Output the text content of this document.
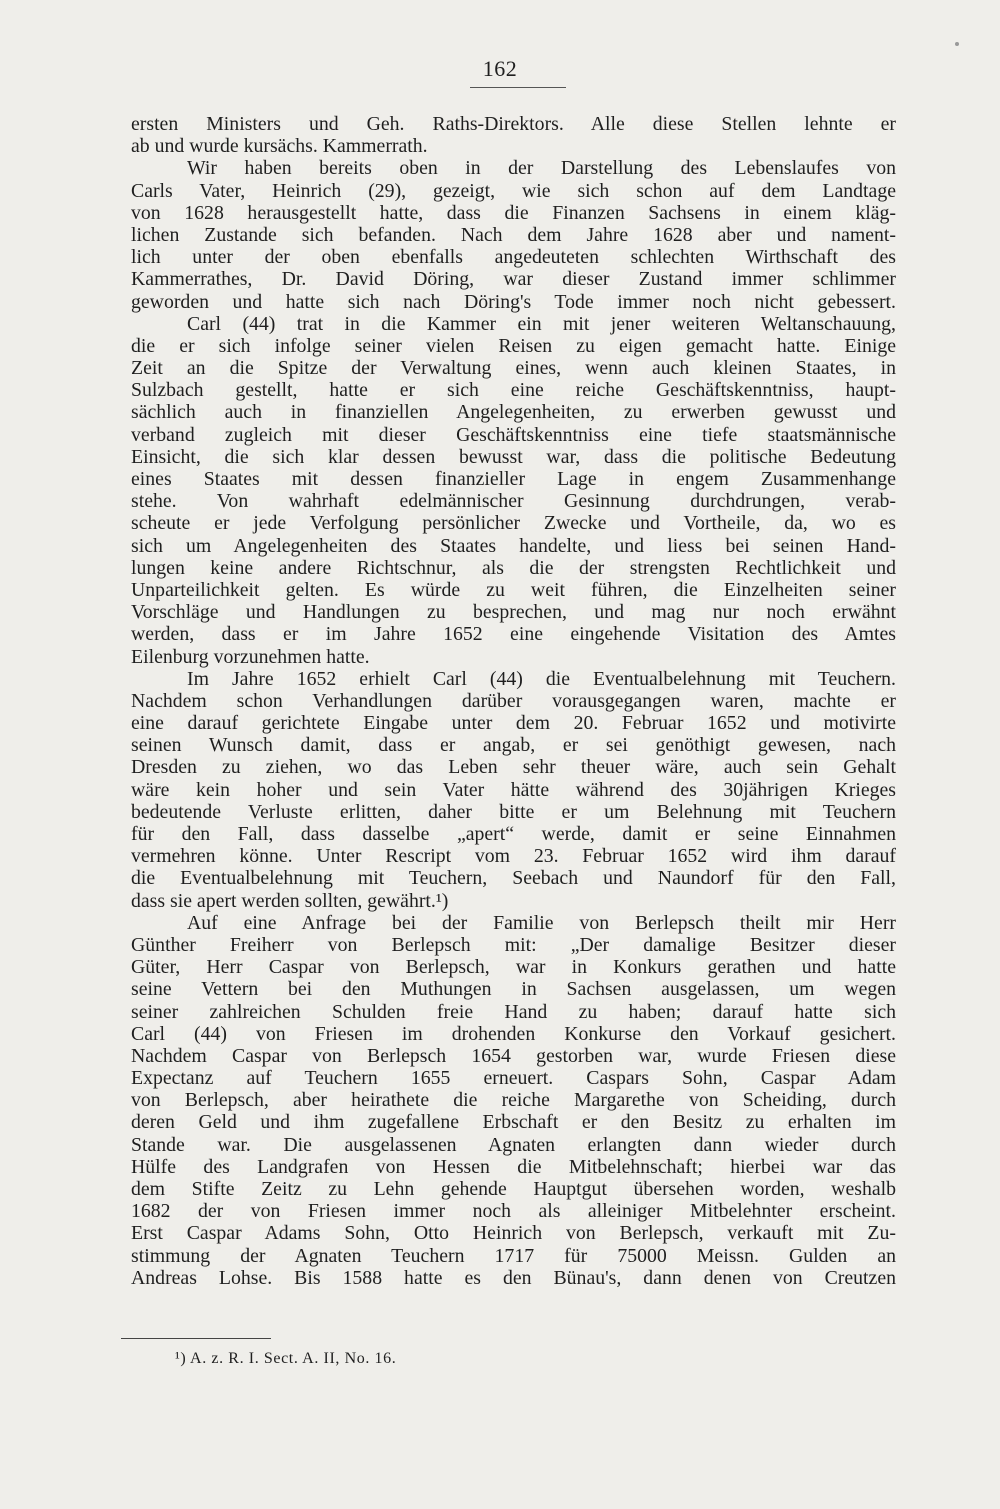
162
ersten Ministers und Geh. Raths-Direktors. Alle diese Stellen lehnte er
ab und wurde kursächs. Kammerrath.
Wir haben bereits oben in der Darstellung des Lebenslaufes von
Carls Vater, Heinrich (29), gezeigt, wie sich schon auf dem Landtage
von 1628 herausgestellt hatte, dass die Finanzen Sachsens in einem kläg-
lichen Zustande sich befanden. Nach dem Jahre 1628 aber und nament-
lich unter der oben ebenfalls angedeuteten schlechten Wirthschaft des
Kammerrathes, Dr. David Döring, war dieser Zustand immer schlimmer
geworden und hatte sich nach Döring's Tode immer noch nicht gebessert.
Carl (44) trat in die Kammer ein mit jener weiteren Weltanschauung,
die er sich infolge seiner vielen Reisen zu eigen gemacht hatte. Einige
Zeit an die Spitze der Verwaltung eines, wenn auch kleinen Staates, in
Sulzbach gestellt, hatte er sich eine reiche Geschäftskenntniss, haupt-
sächlich auch in finanziellen Angelegenheiten, zu erwerben gewusst und
verband zugleich mit dieser Geschäftskenntniss eine tiefe staatsmännische
Einsicht, die sich klar dessen bewusst war, dass die politische Bedeutung
eines Staates mit dessen finanzieller Lage in engem Zusammenhange
stehe. Von wahrhaft edelmännischer Gesinnung durchdrungen, verab-
scheute er jede Verfolgung persönlicher Zwecke und Vortheile, da, wo es
sich um Angelegenheiten des Staates handelte, und liess bei seinen Hand-
lungen keine andere Richtschnur, als die der strengsten Rechtlichkeit und
Unparteilichkeit gelten. Es würde zu weit führen, die Einzelheiten seiner
Vorschläge und Handlungen zu besprechen, und mag nur noch erwähnt
werden, dass er im Jahre 1652 eine eingehende Visitation des Amtes
Eilenburg vorzunehmen hatte.
Im Jahre 1652 erhielt Carl (44) die Eventualbelehnung mit Teuchern.
Nachdem schon Verhandlungen darüber vorausgegangen waren, machte er
eine darauf gerichtete Eingabe unter dem 20. Februar 1652 und motivirte
seinen Wunsch damit, dass er angab, er sei genöthigt gewesen, nach
Dresden zu ziehen, wo das Leben sehr theuer wäre, auch sein Gehalt
wäre kein hoher und sein Vater hätte während des 30jährigen Krieges
bedeutende Verluste erlitten, daher bitte er um Belehnung mit Teuchern
für den Fall, dass dasselbe „apert“ werde, damit er seine Einnahmen
vermehren könne. Unter Rescript vom 23. Februar 1652 wird ihm darauf
die Eventualbelehnung mit Teuchern, Seebach und Naundorf für den Fall,
dass sie apert werden sollten, gewährt.¹)
Auf eine Anfrage bei der Familie von Berlepsch theilt mir Herr
Günther Freiherr von Berlepsch mit: „Der damalige Besitzer dieser
Güter, Herr Caspar von Berlepsch, war in Konkurs gerathen und hatte
seine Vettern bei den Muthungen in Sachsen ausgelassen, um wegen
seiner zahlreichen Schulden freie Hand zu haben; darauf hatte sich
Carl (44) von Friesen im drohenden Konkurse den Vorkauf gesichert.
Nachdem Caspar von Berlepsch 1654 gestorben war, wurde Friesen diese
Expectanz auf Teuchern 1655 erneuert. Caspars Sohn, Caspar Adam
von Berlepsch, aber heirathete die reiche Margarethe von Scheiding, durch
deren Geld und ihm zugefallene Erbschaft er den Besitz zu erhalten im
Stande war. Die ausgelassenen Agnaten erlangten dann wieder durch
Hülfe des Landgrafen von Hessen die Mitbelehnschaft; hierbei war das
dem Stifte Zeitz zu Lehn gehende Hauptgut übersehen worden, weshalb
1682 der von Friesen immer noch als alleiniger Mitbelehnter erscheint.
Erst Caspar Adams Sohn, Otto Heinrich von Berlepsch, verkauft mit Zu-
stimmung der Agnaten Teuchern 1717 für 75000 Meissn. Gulden an
Andreas Lohse. Bis 1588 hatte es den Bünau's, dann denen von Creutzen
¹) A. z. R. I. Sect. A. II, No. 16.
